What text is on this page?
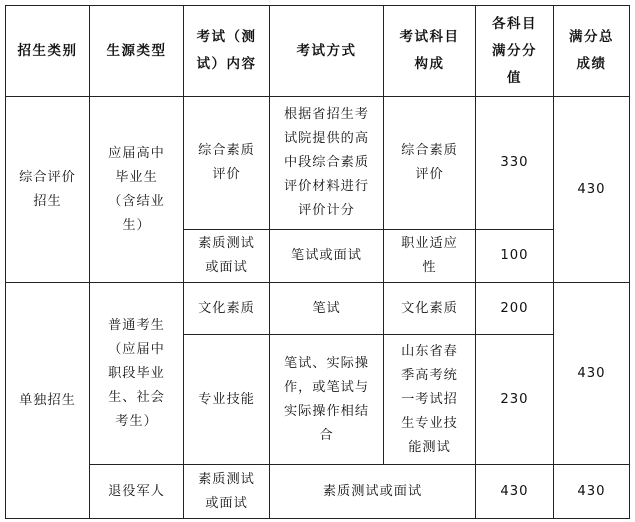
招生类别	生源类型	考试（测试）内容	考试方式	考试科目构成	各科目满分分值	满分总成绩
综合评价招生	应届高中毕业生（含结业生）	综合素质评价	根据省招生考试院提供的高中段综合素质评价材料进行评价计分	综合素质评价	330	430
		素质测试或面试	笔试或面试	职业适应性	100	
单独招生	普通考生（应届中职段毕业生、社会考生）	文化素质	笔试	文化素质	200	430
		专业技能	笔试、实际操作，或笔试与实际操作相结合	山东省春季高考统一考试招生专业技能测试	230	
	退役军人	素质测试或面试	素质测试或面试		430	430
